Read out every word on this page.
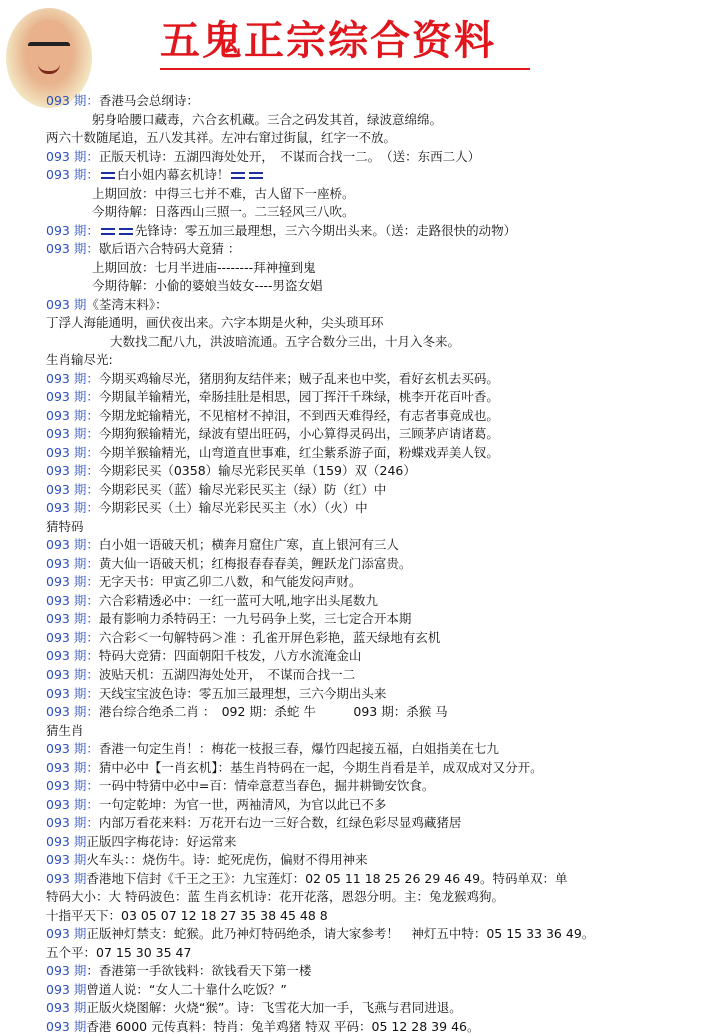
五鬼正宗综合资料
093 期：香港马会总纲诗：
躬身哈腰口藏毒，六合玄机藏。三合之码发其首，绿波意绵绵。
两六十数随尾追，五八发其祥。左冲右窜过街鼠，红字一不放。
093 期：正版天机诗：五湖四海处处开，　不谋而合找一二。　（送：东西二人）
093 期： 白小姐内幕玄机诗！
上期回放：中得三七并不难，古人留下一座桥。
今期待解：日落西山三照一。二三轻风三八吹。
093 期：	先锋诗：零五加三最理想，三六今期出头来。（送：走路很快的动物）
093 期：歇后语六合特码大竟猜 ：
上期回放：七月半进庙--------拜神撞到鬼
今期待解：小偷的婆娘当妓女----男盗女娼
093 期《荃湾末料》：
丁浮人海能通明，画伏夜出来。六字本期是火种，尖头琐耳环
大数找二配八九，洪波暗流通。五字合数分三出，十月入冬来。
生肖输尽光:
093 期：今期买鸡输尽光，猪朋狗友结伴来；贼子乱来也中奖，看好玄机去买码。
093 期：今期鼠羊输精光，牵肠挂肚是相思，园丁挥汗千珠绿，桃李开花百叶香。
093 期：今期龙蛇输精光，不见棺材不掉泪，不到西天难得经，有志者事竟成也。
093 期：今期狗猴输精光，绿波有望出旺码，小心算得灵码出，三顾茅庐请诸葛。
093 期：今期羊猴输精光，山弯道直世事难，红尘紫系游子面，粉蝶戏弄美人钗。
093 期：今期彩民买（0358）输尽光彩民买单（159）双（246）
093 期：今期彩民买（蓝）输尽光彩民买主（绿）防（红）中
093 期：今期彩民买（土）输尽光彩民买主（水）（火）中
猜特码
093 期：白小姐一语破天机；横奔月窟住广寒，直上银河有三人
093 期：黄大仙一语破天机；红梅报春春春美，鲤跃龙门添富贵。
093 期：无字天书：甲寅乙卯二八数，和气能发闷声财。
093 期：六合彩精透必中：一红一蓝可大吼,地字出头尾数九
093 期：最有影响力杀特码王：一九号码争上奖，三七定合开本期
093 期：六合彩＜一句解特码＞准 ：孔雀开屏色彩艳，蓝天绿地有玄机
093 期：特码大竞猜：四面朝阳千枝发，八方水流淹金山
093 期：波贴天机：五湖四海处处开，　不谋而合找一二
093 期：天线宝宝波色诗：零五加三最理想，三六今期出头来
093 期：港台综合绝杀二肖 ：　092 期：杀蛇 牛　　　093 期：杀猴 马
猜生肖
093 期：香港一句定生肖！：梅花一枝报三春，爆竹四起接五福，白姐指美在七九
093 期：猜中必中【一肖玄机】：基生肖特码在一起，今期生肖看是羊，成双成对又分开。
093 期：一码中特猜中必中=百：情牵意惹当春色，掘井耕锄安饮食。
093 期：一句定乾坤：为官一世，两袖清风，为官以此已不多
093 期：内部万看花来料：万花开右边一三好合数，红绿色彩尽显鸡藏猪居
093 期正版四字梅花诗：好运常来
093 期火车头：：烧伤牛。诗：蛇死虎伤，偏财不得用神来
093 期香港地下信封《千王之王》：九宝莲灯：02 05 11 18 25 26 29 46 49。特码单双：单
特码大小：大 特码波色：蓝 生肖玄机诗：花开花落，恩怨分明。主：兔龙猴鸡狗。
十指平天下：03 05 07 12 18 27 35 38 45 48 8
093 期正版神灯禁支：蛇猴。此乃神灯特码绝杀，请大家参考！　神灯五中特：05 15 33 36 49。
五个平：07 15 30 35 47
093 期：香港第一手欲钱料：欲钱看天下第一楼
093 期曾道人说：“女人二十靠什么吃饭？”
093 期正版火烧图解：火烧“猴”。诗：飞雪花大加一手，飞燕与君同进退。
093 期香港 6000 元传真料：特肖：兔羊鸡猪 特双 平码：05 12 28 39 46。
